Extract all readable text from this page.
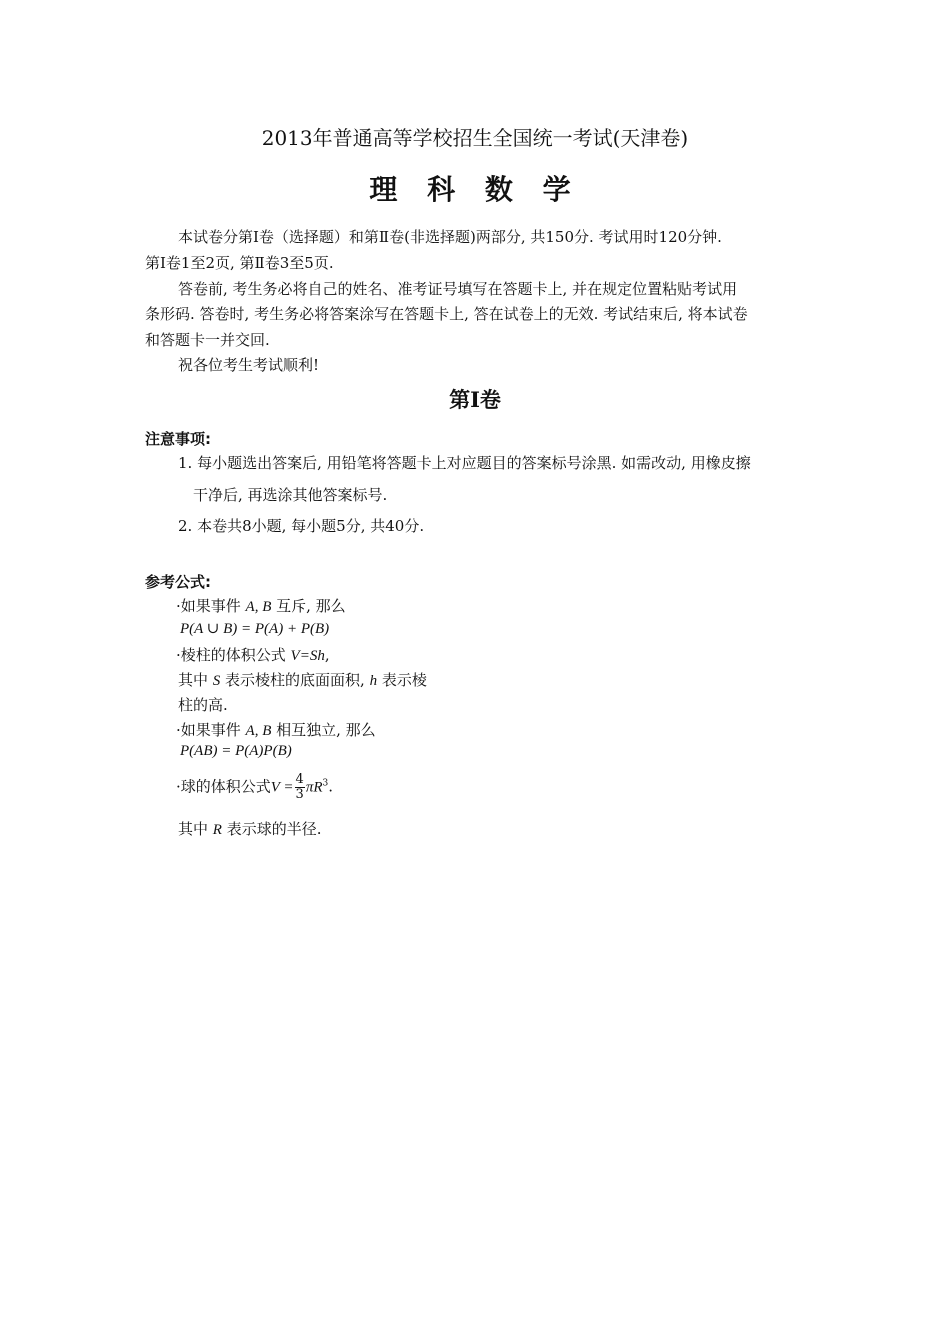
2013年普通高等学校招生全国统一考试(天津卷)
理 科 数 学
本试卷分第Ⅰ卷（选择题）和第Ⅱ卷(非选择题)两部分, 共150分. 考试用时120分钟.
第Ⅰ卷1至2页, 第Ⅱ卷3至5页.
答卷前, 考生务必将自己的姓名、准考证号填写在答题卡上, 并在规定位置粘贴考试用
条形码. 答卷时, 考生务必将答案涂写在答题卡上, 答在试卷上的无效. 考试结束后, 将本试卷
和答题卡一并交回.
祝各位考生考试顺利!
第Ⅰ卷
注意事项:
1. 每小题选出答案后, 用铅笔将答题卡上对应题目的答案标号涂黑. 如需改动, 用橡皮擦
干净后, 再选涂其他答案标号.
2. 本卷共8小题, 每小题5分, 共40分.
参考公式:
·如果事件 A, B 互斥, 那么
P(A ∪ B) = P(A) + P(B)
·棱柱的体积公式 V=Sh,
其中 S 表示棱柱的底面面积, h 表示棱
柱的高.
·如果事件 A, B 相互独立, 那么
P(AB) = P(A)P(B)
·球的体积公式$V = \frac{4}{3} \pi R^3$.
其中 R 表示球的半径.
